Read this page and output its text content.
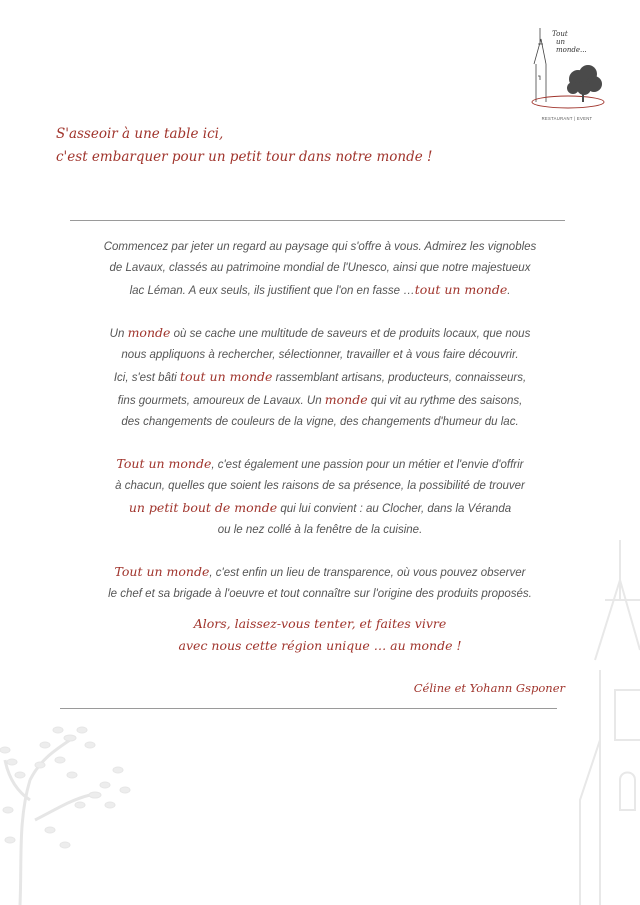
Tout
un
monde...
RESTAURANT | EVENT
S'asseoir à une table ici,
c'est embarquer pour un petit tour dans notre monde !
Commencez par jeter un regard au paysage qui s'offre à vous. Admirez les vignobles
de Lavaux, classés au patrimoine mondial de l'Unesco, ainsi que notre majestueux
lac Léman. A eux seuls, ils justifient que l'on en fasse …tout un monde.
Un monde où se cache une multitude de saveurs et de produits locaux, que nous
nous appliquons à rechercher, sélectionner, travailler et à vous faire découvrir.
Ici, s'est bâti tout un monde rassemblant artisans, producteurs, connaisseurs,
fins gourmets, amoureux de Lavaux. Un monde qui vit au rythme des saisons,
des changements de couleurs de la vigne, des changements d'humeur du lac.
Tout un monde, c'est également une passion pour un métier et l'envie d'offrir
à chacun, quelles que soient les raisons de sa présence, la possibilité de trouver
un petit bout de monde qui lui convient : au Clocher, dans la Véranda
ou le nez collé à la fenêtre de la cuisine.
Tout un monde, c'est enfin un lieu de transparence, où vous pouvez observer
le chef et sa brigade à l'oeuvre et tout connaître sur l'origine des produits proposés.
Alors, laissez-vous tenter, et faites vivre
avec nous cette région unique … au monde !
Céline et Yohann Gsponer
